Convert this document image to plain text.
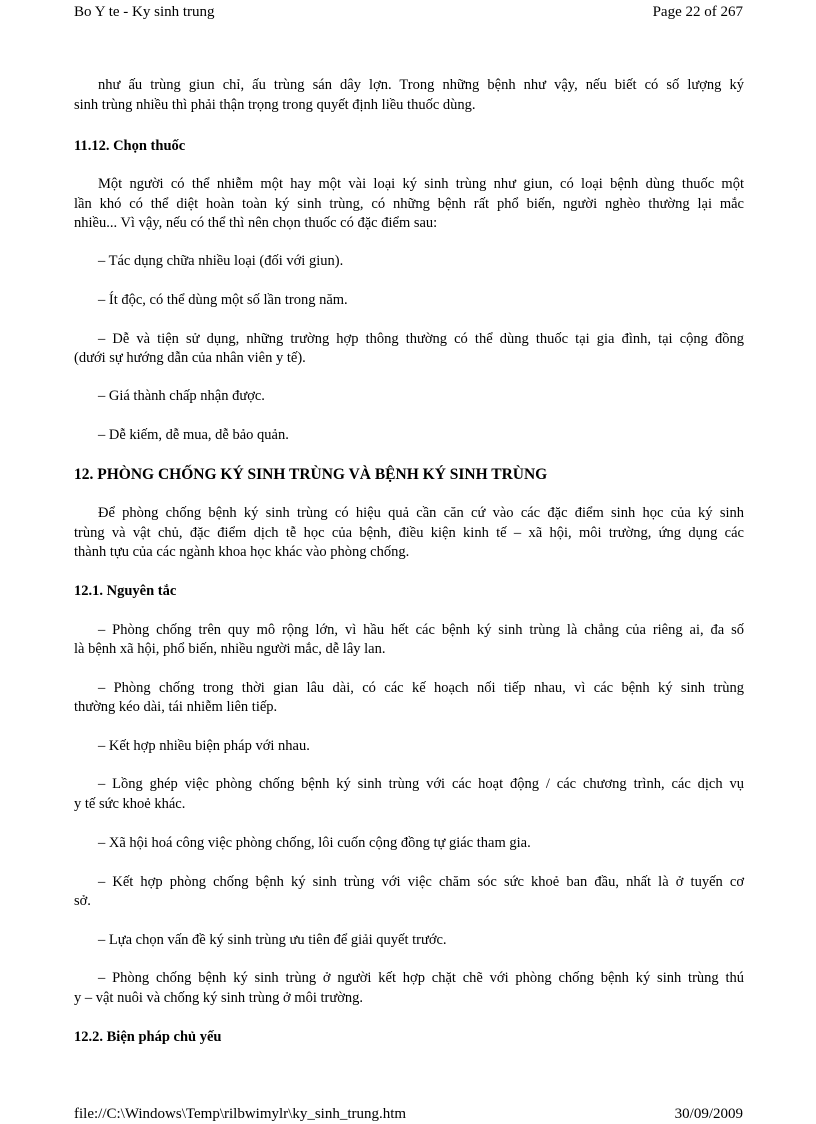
Bo Y te - Ky sinh trung	Page 22 of 267
như ấu trùng giun chỉ, ấu trùng sán dây lợn. Trong những bệnh như vậy, nếu biết có số lượng ký
sinh trùng nhiều thì phải thận trọng trong quyết định liều thuốc dùng.
11.12. Chọn thuốc
Một người có thể nhiễm một hay một vài loại ký sinh trùng như giun, có loại bệnh dùng thuốc một
lần khó có thể diệt hoàn toàn ký sinh trùng, có những bệnh rất phổ biến, người nghèo thường lại mắc
nhiều... Vì vậy, nếu có thể thì nên chọn thuốc có đặc điểm sau:
– Tác dụng chữa nhiều loại (đối với giun).
– Ít độc, có thể dùng một số lần trong năm.
– Dễ và tiện sử dụng, những trường hợp thông thường có thể dùng thuốc tại gia đình, tại cộng đồng
(dưới sự hướng dẫn của nhân viên y tế).
– Giá thành chấp nhận được.
– Dễ kiếm, dễ mua, dễ bảo quản.
12. PHÒNG CHỐNG KÝ SINH TRÙNG VÀ BỆNH KÝ SINH TRÙNG
Để phòng chống bệnh ký sinh trùng có hiệu quả cần căn cứ vào các đặc điểm sinh học của ký sinh
trùng và vật chủ, đặc điểm dịch tễ học của bệnh, điều kiện kinh tế – xã hội, môi trường, ứng dụng các
thành tựu của các ngành khoa học khác vào phòng chống.
12.1. Nguyên tắc
– Phòng chống trên quy mô rộng lớn, vì hầu hết các bệnh ký sinh trùng là chẳng của riêng ai, đa số
là bệnh xã hội, phổ biến, nhiều người mắc, dễ lây lan.
– Phòng chống trong thời gian lâu dài, có các kế hoạch nối tiếp nhau, vì các bệnh ký sinh trùng
thường kéo dài, tái nhiễm liên tiếp.
– Kết hợp nhiều biện pháp với nhau.
– Lồng ghép việc phòng chống bệnh ký sinh trùng với các hoạt động / các chương trình, các dịch vụ
y tế sức khoẻ khác.
– Xã hội hoá công việc phòng chống, lôi cuốn cộng đồng tự giác tham gia.
– Kết hợp phòng chống bệnh ký sinh trùng với việc chăm sóc sức khoẻ ban đầu, nhất là ở tuyến cơ
sở.
– Lựa chọn vấn đề ký sinh trùng ưu tiên để giải quyết trước.
– Phòng chống bệnh ký sinh trùng ở người kết hợp chặt chẽ với phòng chống bệnh ký sinh trùng thú
y – vật nuôi và chống ký sinh trùng ở môi trường.
12.2. Biện pháp chủ yếu
file://C:\Windows\Temp\rilbwimylr\ky_sinh_trung.htm	30/09/2009
